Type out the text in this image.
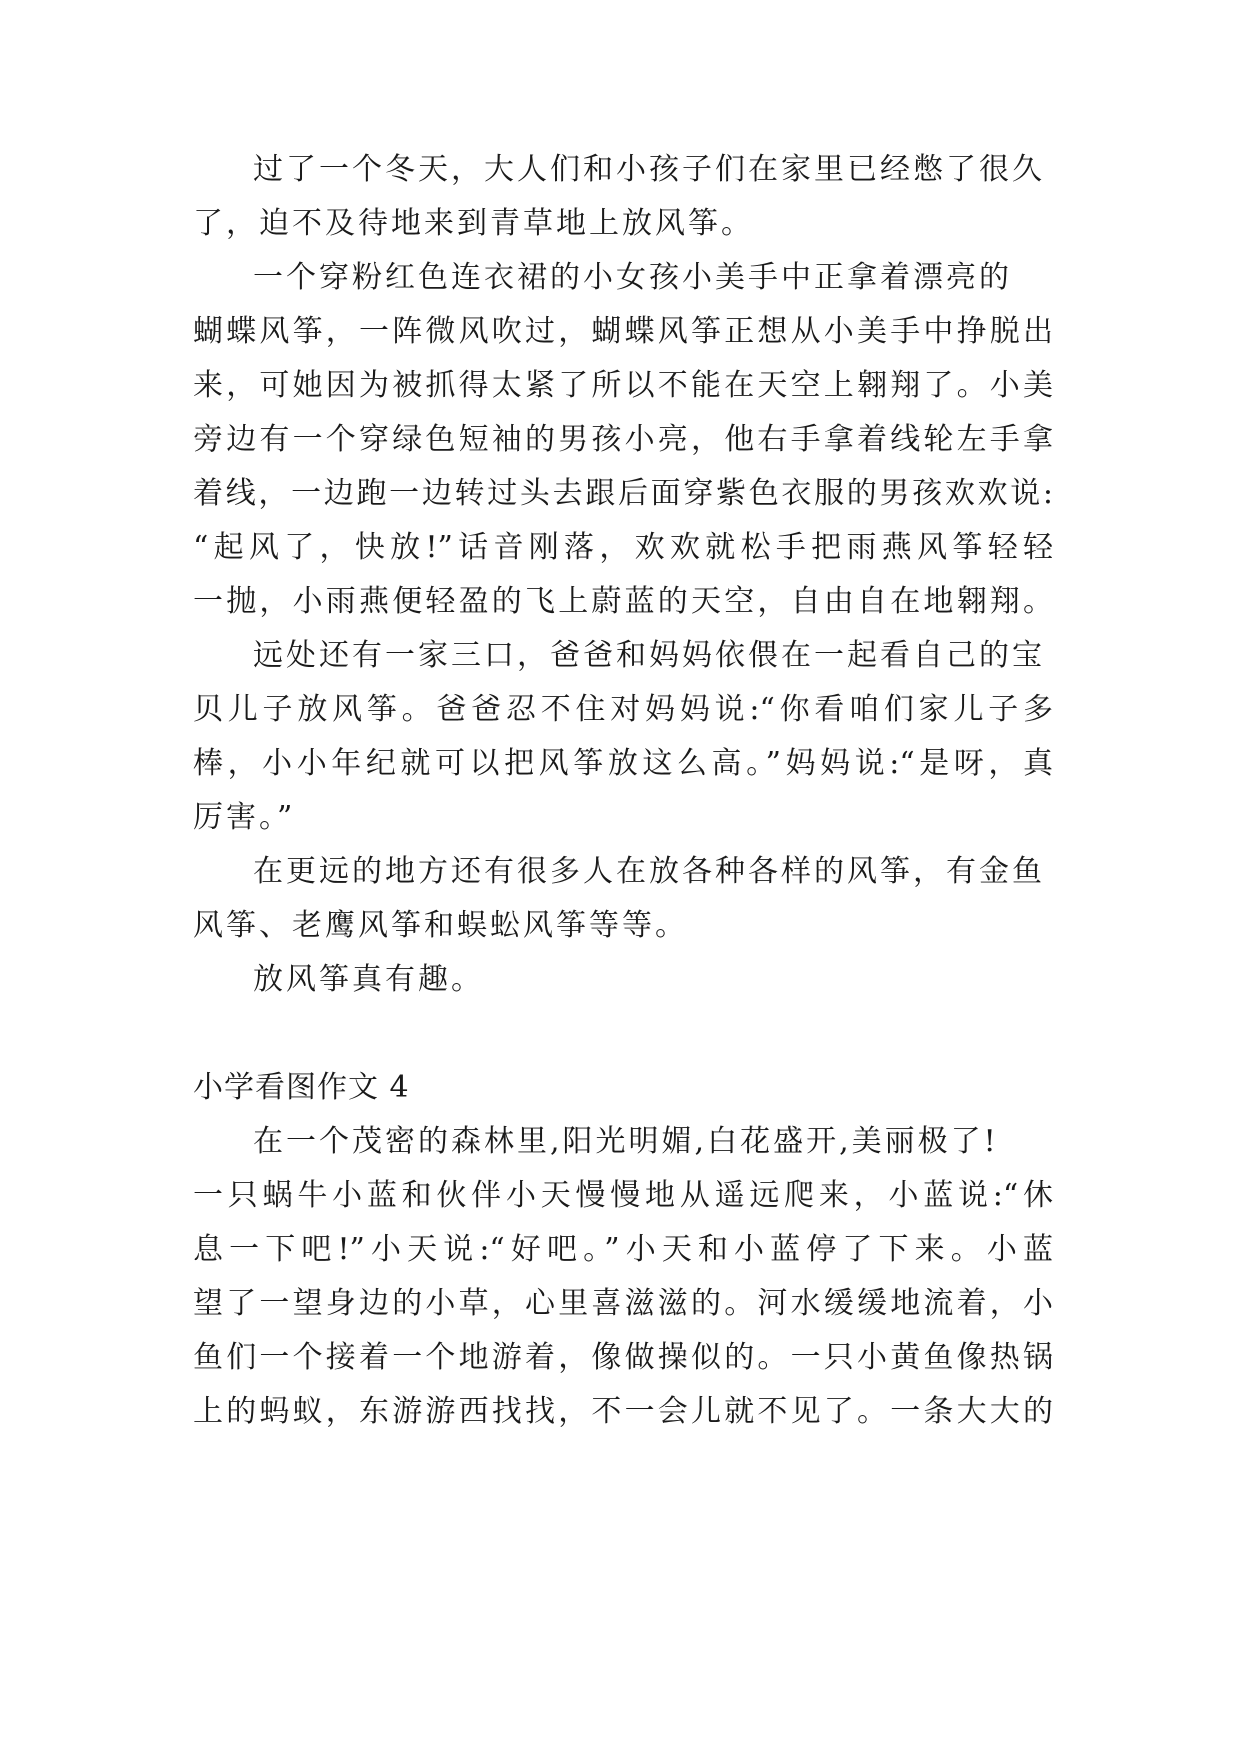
过了一个冬天，大人们和小孩子们在家里已经憋了很久
了，迫不及待地来到青草地上放风筝。
一个穿粉红色连衣裙的小女孩小美手中正拿着漂亮的
蝴蝶风筝，一阵微风吹过，蝴蝶风筝正想从小美手中挣脱出
来，可她因为被抓得太紧了所以不能在天空上翱翔了。小美
旁边有一个穿绿色短袖的男孩小亮，他右手拿着线轮左手拿
着线，一边跑一边转过头去跟后面穿紫色衣服的男孩欢欢说:
“起风了，快放!”话音刚落，欢欢就松手把雨燕风筝轻轻
一抛，小雨燕便轻盈的飞上蔚蓝的天空，自由自在地翱翔。
远处还有一家三口，爸爸和妈妈依偎在一起看自己的宝
贝儿子放风筝。爸爸忍不住对妈妈说:“你看咱们家儿子多
棒，小小年纪就可以把风筝放这么高。”妈妈说:“是呀，真
厉害。”
在更远的地方还有很多人在放各种各样的风筝，有金鱼
风筝、老鹰风筝和蜈蚣风筝等等。
放风筝真有趣。
小学看图作文 4
在一个茂密的森林里,阳光明媚,白花盛开,美丽极了!
一只蜗牛小蓝和伙伴小天慢慢地从遥远爬来，小蓝说:“休
息一下吧!”小天说:“好吧。”小天和小蓝停了下来。小蓝
望了一望身边的小草，心里喜滋滋的。河水缓缓地流着，小
鱼们一个接着一个地游着，像做操似的。一只小黄鱼像热锅
上的蚂蚁，东游游西找找，不一会儿就不见了。一条大大的
